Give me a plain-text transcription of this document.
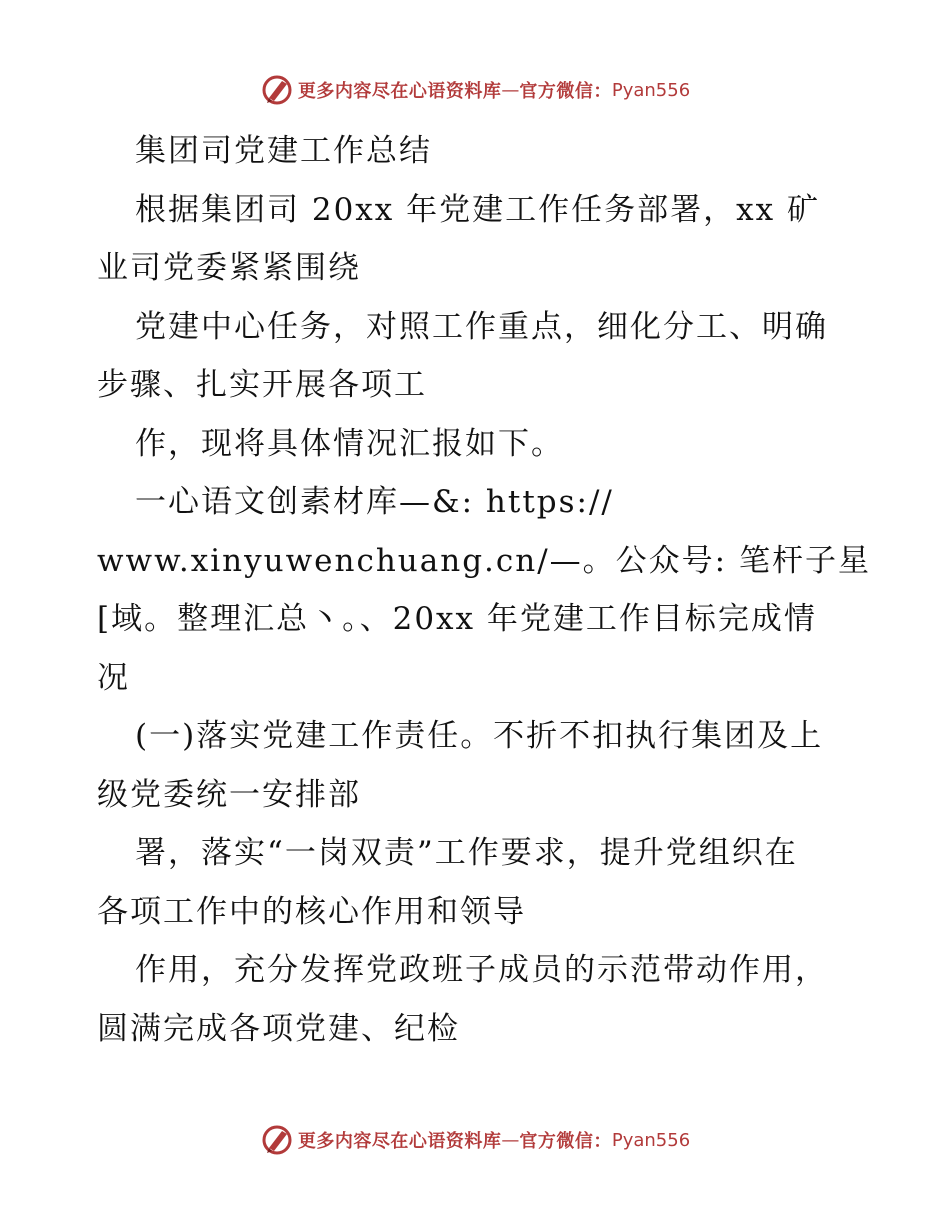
更多内容尽在心语资料库 — 官方微信： Pyan556
集团司党建工作总结
根据集团司 20xx 年党建工作任务部署，xx 矿
业司党委紧紧围绕
党建中心任务，对照工作重点，细化分工、明确
步骤、扎实开展各项工
作，现将具体情况汇报如下。
一心语文创素材库—&: https://
www.xinyuwenchuang.cn/—。公众号: 笔杆子星
[域。整理汇总丶。、20xx 年党建工作目标完成情
况
(一)落实党建工作责任。不折不扣执行集团及上
级党委统一安排部
署，落实“一岗双责”工作要求，提升党组织在
各项工作中的核心作用和领导
作用，充分发挥党政班子成员的示范带动作用，
圆满完成各项党建、纪检
更多内容尽在心语资料库 — 官方微信： Pyan556
